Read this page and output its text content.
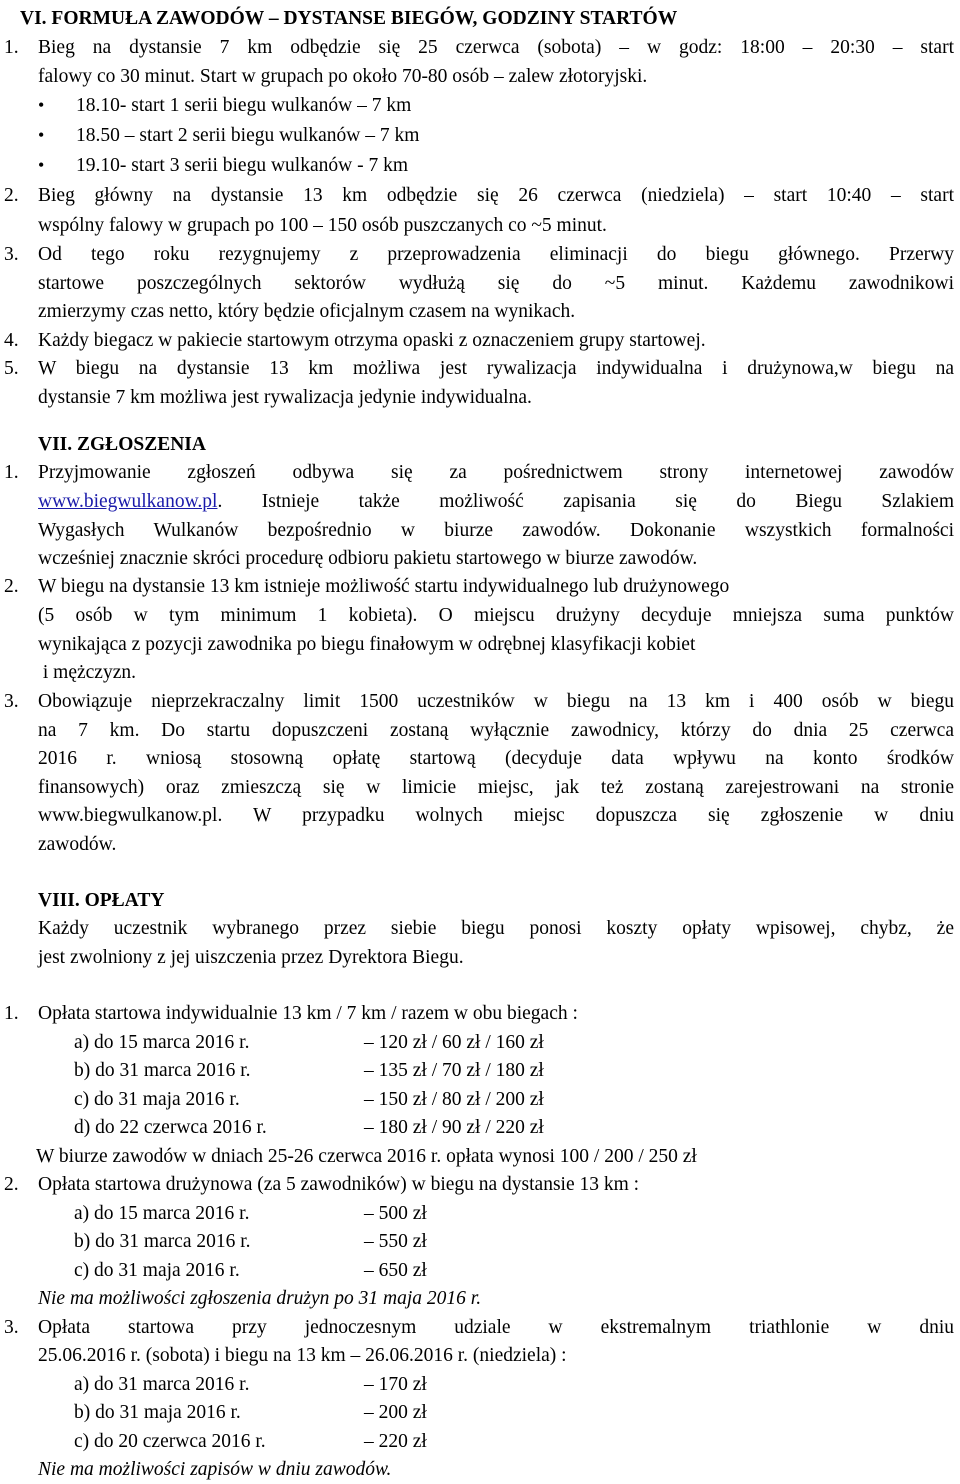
VI. FORMUŁA ZAWODÓW – DYSTANSE BIEGÓW, GODZINY STARTÓW
1. Bieg na dystansie 7 km odbędzie się 25 czerwca (sobota) – w godz: 18:00 – 20:30 – start
falowy co 30 minut. Start w grupach po około 70-80 osób – zalew złotoryjski.
• 18.10- start 1 serii biegu wulkanów – 7 km
• 18.50 – start 2 serii biegu wulkanów – 7 km
• 19.10- start 3 serii biegu wulkanów - 7 km
2. Bieg główny na dystansie 13 km odbędzie się 26 czerwca (niedziela) – start 10:40 – start
wspólny falowy w grupach po 100 – 150 osób puszczanych co ~5 minut.
3. Od tego roku rezygnujemy z przeprowadzenia eliminacji do biegu głównego. Przerwy
startowe poszczególnych sektorów wydłużą się do ~5 minut. Każdemu zawodnikowi
zmierzymy czas netto, który będzie oficjalnym czasem na wynikach.
4. Każdy biegacz w pakiecie startowym otrzyma opaski z oznaczeniem grupy startowej.
5. W biegu na dystansie 13 km możliwa jest rywalizacja indywidualna i drużynowa,w biegu na
dystansie 7 km możliwa jest rywalizacja jedynie indywidualna.
VII. ZGŁOSZENIA
1. Przyjmowanie zgłoszeń odbywa się za pośrednictwem strony internetowej zawodów
www.biegwulkanow.pl. Istnieje także możliwość zapisania się do Biegu Szlakiem
Wygasłych Wulkanów bezpośrednio w biurze zawodów. Dokonanie wszystkich formalności
wcześniej znacznie skróci procedurę odbioru pakietu startowego w biurze zawodów.
2. W biegu na dystansie 13 km istnieje możliwość startu indywidualnego lub drużynowego
(5 osób w tym minimum 1 kobieta). O miejscu drużyny decyduje mniejsza suma punktów
wynikająca z pozycji zawodnika po biegu finałowym w odrębnej klasyfikacji kobiet
i mężczyzn.
3. Obowiązuje nieprzekraczalny limit 1500 uczestników w biegu na 13 km i 400 osób w biegu
na 7 km. Do startu dopuszczeni zostaną wyłącznie zawodnicy, którzy do dnia 25 czerwca
2016 r. wniosą stosowną opłatę startową (decyduje data wpływu na konto środków
finansowych) oraz zmieszczą się w limicie miejsc, jak też zostaną zarejestrowani na stronie
www.biegwulkanow.pl. W przypadku wolnych miejsc dopuszcza się zgłoszenie w dniu
zawodów.
VIII. OPŁATY
Każdy uczestnik wybranego przez siebie biegu ponosi koszty opłaty wpisowej, chybz, że
jest zwolniony z jej uiszczenia przez Dyrektora Biegu.
1. Opłata startowa indywidualnie 13 km / 7 km / razem w obu biegach :
a) do 15 marca 2016 r.	– 120 zł / 60 zł / 160 zł
b) do 31 marca 2016 r.	– 135 zł / 70 zł / 180 zł
c) do 31 maja 2016 r.	– 150 zł / 80 zł / 200 zł
d) do 22 czerwca 2016 r.	– 180 zł / 90 zł / 220 zł
W biurze zawodów w dniach 25-26 czerwca 2016 r. opłata wynosi 100 / 200 / 250 zł
2. Opłata startowa drużynowa (za 5 zawodników) w biegu na dystansie 13 km :
a) do 15 marca 2016 r.	– 500 zł
b) do 31 marca 2016 r.	– 550 zł
c) do 31 maja 2016 r.	– 650 zł
Nie ma możliwości zgłoszenia drużyn po 31 maja 2016 r.
3. Opłata startowa przy jednoczesnym udziale w ekstremalnym triathlonie w dniu
25.06.2016 r. (sobota) i biegu na 13 km – 26.06.2016 r. (niedziela) :
a) do 31 marca 2016 r.	– 170 zł
b) do 31 maja 2016 r.	– 200 zł
c) do 20 czerwca 2016 r.	– 220 zł
Nie ma możliwości zapisów w dniu zawodów.
